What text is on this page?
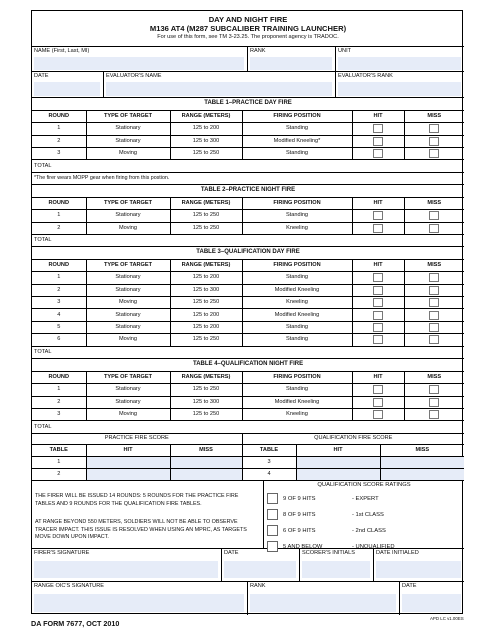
DAY AND NIGHT FIRE
M136 AT4 (M287 SUBCALIBER TRAINING LAUNCHER)
For use of this form, see TM 3-23.25. The proponent agency is TRADOC.
NAME (First, Last, MI)	RANK	UNIT
DATE	EVALUATOR'S NAME	EVALUATOR'S RANK
TABLE 1–PRACTICE DAY FIRE					
ROUND	TYPE OF TARGET	RANGE (METERS)	FIRING POSITION	HIT	MISS
1	Stationary	125 to 200	Standing		
2	Stationary	125 to 300	Modified Kneeling*		
3	Moving	125 to 250	Standing		
TOTAL					
*The firer wears MOPP gear when firing from this postion.					
TABLE 2–PRACTICE NIGHT FIRE					
ROUND	TYPE OF TARGET	RANGE (METERS)	FIRING POSITION	HIT	MISS
1	Stationary	125 to 250	Standing		
2	Moving	125 to 250	Kneeling		
TOTAL					
TABLE 3–QUALIFICATION DAY FIRE					
ROUND	TYPE OF TARGET	RANGE (METERS)	FIRING POSITION	HIT	MISS
1	Stationary	125 to 200	Standing		
2	Stationary	125 to 300	Modified Kneeling		
3	Moving	125 to 250	Kneeling		
4	Stationary	125 to 200	Modified Kneeling		
5	Stationary	125 to 200	Standing		
6	Moving	125 to 250	Standing		
TOTAL					
TABLE 4–QUALIFICATION NIGHT FIRE					
ROUND	TYPE OF TARGET	RANGE (METERS)	FIRING POSITION	HIT	MISS
1	Stationary	125 to 250	Standing		
2	Stationary	125 to 300	Modified Kneeling		
3	Moving	125 to 250	Kneeling		
TOTAL					
PRACTICE FIRE SCORE			QUALIFICATION FIRE SCORE		
TABLE	HIT	MISS	TABLE	HIT	MISS
1			3		
2			4		
THE FIRER WILL BE ISSUED 14 ROUNDS: 5 ROUNDS FOR THE PRACTICE FIRE TABLES AND 9 ROUNDS FOR THE QUALIFICATION FIRE TABLES.
AT RANGE BEYOND 550 METERS, SOLDIERS WILL NOT BE ABLE TO OBSERVE TRACER IMPACT. THIS ISSUE IS RESOLVED WHEN USING AN MPRC, AS TARGETS MOVE DOWN UPON IMPACT.
QUALIFICATION SCORE RATINGS
9 OF 9 HITS	- EXPERT
8 OF 9 HITS	- 1st CLASS
6 OF 9 HITS	- 2nd CLASS
5 AND BELOW	- UNQUALIFIED
FIRER'S SIGNATURE	DATE	SCORER'S INITIALS	DATE INITIALED
RANGE OIC'S SIGNATURE	RANK	DATE
DA FORM 7677, OCT 2010
APD LC v1.00ES
